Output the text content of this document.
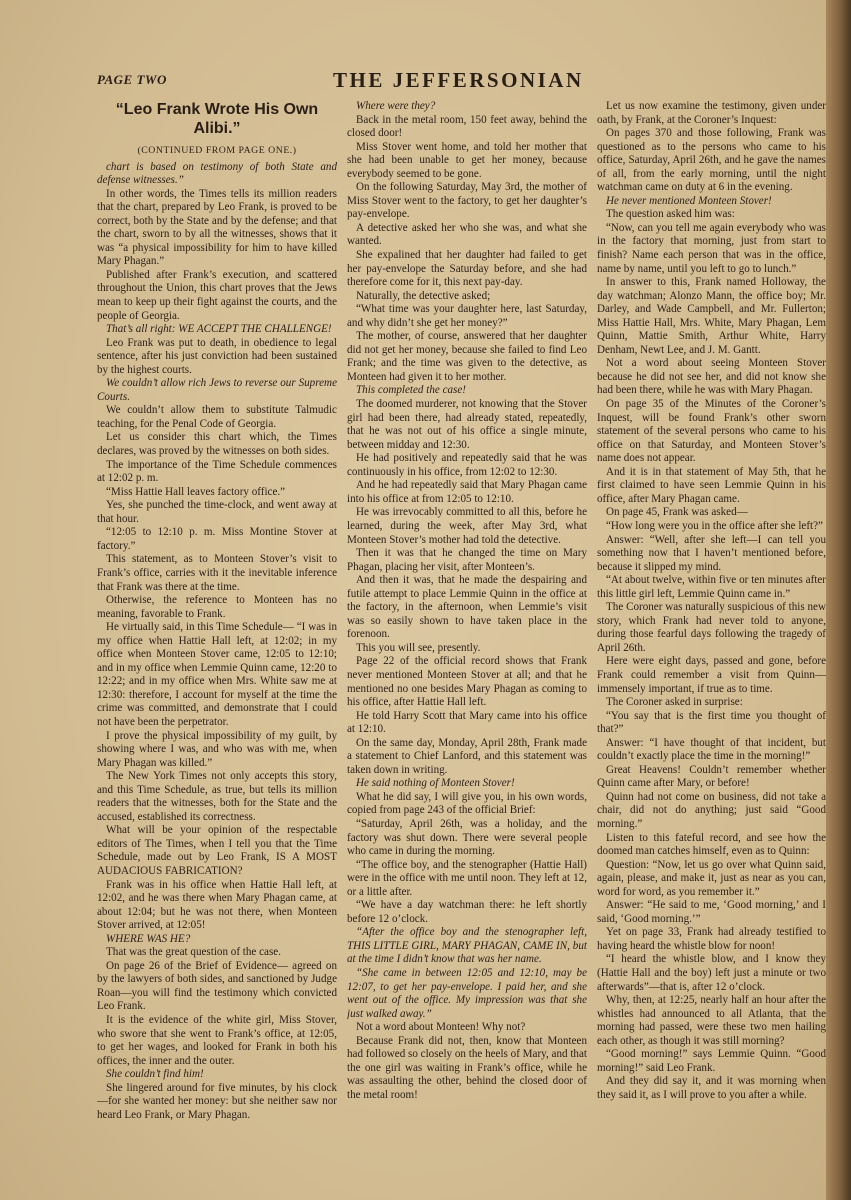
PAGE TWO	THE JEFFERSONIAN
“Leo Frank Wrote His Own Alibi.”

(CONTINUED FROM PAGE ONE.)

chart is based on testimony of both State and defense witnesses.”

In other words, the Times tells its million readers that the chart, prepared by Leo Frank, is proved to be correct, both by the State and by the defense; and that the chart, sworn to by all the witnesses, shows that it was “a physical impossibility for him to have killed Mary Phagan.”

Published after Frank’s execution, and scattered throughout the Union, this chart proves that the Jews mean to keep up their fight against the courts, and the people of Georgia.

That’s all right: WE ACCEPT THE CHALLENGE!

Leo Frank was put to death, in obedience to legal sentence, after his just conviction had been sustained by the highest courts.

We couldn’t allow rich Jews to reverse our Supreme Courts.

We couldn’t allow them to substitute Talmudic teaching, for the Penal Code of Georgia.

Let us consider this chart which, the Times declares, was proved by the witnesses on both sides.

The importance of the Time Schedule commences at 12:02 p. m.

“Miss Hattie Hall leaves factory office.”

Yes, she punched the time-clock, and went away at that hour.

“12:05 to 12:10 p. m. Miss Montine Stover at factory.”

This statement, as to Monteen Stover’s visit to Frank’s office, carries with it the inevitable inference that Frank was there at the time.

Otherwise, the reference to Monteen has no meaning, favorable to Frank.

He virtually said, in this Time Schedule— “I was in my office when Hattie Hall left, at 12:02; in my office when Monteen Stover came, 12:05 to 12:10; and in my office when Lemmie Quinn came, 12:20 to 12:22; and in my office when Mrs. White saw me at 12:30: therefore, I account for myself at the time the crime was committed, and demonstrate that I could not have been the perpetrator.

I prove the physical impossibility of my guilt, by showing where I was, and who was with me, when Mary Phagan was killed.”

The New York Times not only accepts this story, and this Time Schedule, as true, but tells its million readers that the witnesses, both for the State and the accused, established its correctness.

What will be your opinion of the respectable editors of The Times, when I tell you that the Time Schedule, made out by Leo Frank, IS A MOST AUDACIOUS FABRICATION?

Frank was in his office when Hattie Hall left, at 12:02, and he was there when Mary Phagan came, at about 12:04; but he was not there, when Monteen Stover arrived, at 12:05!

WHERE WAS HE?

That was the great question of the case.

On page 26 of the Brief of Evidence— agreed on by the lawyers of both sides, and sanctioned by Judge Roan—you will find the testimony which convicted Leo Frank.

It is the evidence of the white girl, Miss Stover, who swore that she went to Frank’s office, at 12:05, to get her wages, and looked for Frank in both his offices, the inner and the outer.

She couldn’t find him!

She lingered around for five minutes, by his clock—for she wanted her money: but she neither saw nor heard Leo Frank, or Mary Phagan.

Where were they?

Back in the metal room, 150 feet away, behind the closed door!

Miss Stover went home, and told her mother that she had been unable to get her money, because everybody seemed to be gone.

On the following Saturday, May 3rd, the mother of Miss Stover went to the factory, to get her daughter’s pay-envelope.

A detective asked her who she was, and what she wanted.

She expalined that her daughter had failed to get her pay-envelope the Saturday before, and she had therefore come for it, this next pay-day.

Naturally, the detective asked;

“What time was your daughter here, last Saturday, and why didn’t she get her money?”

The mother, of course, answered that her daughter did not get her money, because she failed to find Leo Frank; and the time was given to the detective, as Monteen had given it to her mother.

This completed the case!

The doomed murderer, not knowing that the Stover girl had been there, had already stated, repeatedly, that he was not out of his office a single minute, between midday and 12:30.

He had positively and repeatedly said that he was continuously in his office, from 12:02 to 12:30.

And he had repeatedly said that Mary Phagan came into his office at from 12:05 to 12:10.

He was irrevocably committed to all this, before he learned, during the week, after May 3rd, what Monteen Stover’s mother had told the detective.

Then it was that he changed the time on Mary Phagan, placing her visit, after Monteen’s.

And then it was, that he made the despairing and futile attempt to place Lemmie Quinn in the office at the factory, in the afternoon, when Lemmie’s visit was so easily shown to have taken place in the forenoon.

This you will see, presently.

Page 22 of the official record shows that Frank never mentioned Monteen Stover at all; and that he mentioned no one besides Mary Phagan as coming to his office, after Hattie Hall left.

He told Harry Scott that Mary came into his office at 12:10.

On the same day, Monday, April 28th, Frank made a statement to Chief Lanford, and this statement was taken down in writing.

He said nothing of Monteen Stover!

What he did say, I will give you, in his own words, copied from page 243 of the official Brief:

“Saturday, April 26th, was a holiday, and the factory was shut down. There were several people who came in during the morning.

“The office boy, and the stenographer (Hattie Hall) were in the office with me until noon. They left at 12, or a little after.

“We have a day watchman there: he left shortly before 12 o’clock.

“After the office boy and the stenographer left, THIS LITTLE GIRL, MARY PHAGAN, CAME IN, but at the time I didn’t know that was her name.

“She came in between 12:05 and 12:10, may be 12:07, to get her pay-envelope. I paid her, and she went out of the office. My impression was that she just walked away.”

Not a word about Monteen! Why not?

Because Frank did not, then, know that Monteen had followed so closely on the heels of Mary, and that the one girl was waiting in Frank’s office, while he was assaulting the other, behind the closed door of the metal room!

Let us now examine the testimony, given under oath, by Frank, at the Coroner’s Inquest:

On pages 370 and those following, Frank was questioned as to the persons who came to his office, Saturday, April 26th, and he gave the names of all, from the early morning, until the night watchman came on duty at 6 in the evening.

He never mentioned Monteen Stover!

The question asked him was:

“Now, can you tell me again everybody who was in the factory that morning, just from start to finish? Name each person that was in the office, name by name, until you left to go to lunch.”

In answer to this, Frank named Holloway, the day watchman; Alonzo Mann, the office boy; Mr. Darley, and Wade Campbell, and Mr. Fullerton; Miss Hattie Hall, Mrs. White, Mary Phagan, Lem Quinn, Mattie Smith, Arthur White, Harry Denham, Newt Lee, and J. M. Gantt.

Not a word about seeing Monteen Stover because he did not see her, and did not know she had been there, while he was with Mary Phagan.

On page 35 of the Minutes of the Coroner’s Inquest, will be found Frank’s other sworn statement of the several persons who came to his office on that Saturday, and Monteen Stover’s name does not appear.

And it is in that statement of May 5th, that he first claimed to have seen Lemmie Quinn in his office, after Mary Phagan came.

On page 45, Frank was asked—

“How long were you in the office after she left?”

Answer: “Well, after she left—I can tell you something now that I haven’t mentioned before, because it slipped my mind.

“At about twelve, within five or ten minutes after this little girl left, Lemmie Quinn came in.”

The Coroner was naturally suspicious of this new story, which Frank had never told to anyone, during those fearful days following the tragedy of April 26th.

Here were eight days, passed and gone, before Frank could remember a visit from Quinn—immensely important, if true as to time.

The Coroner asked in surprise:

“You say that is the first time you thought of that?”

Answer: “I have thought of that incident, but couldn’t exactly place the time in the morning!”

Great Heavens! Couldn’t remember whether Quinn came after Mary, or before!

Quinn had not come on business, did not take a chair, did not do anything; just said “Good morning.”

Listen to this fateful record, and see how the doomed man catches himself, even as to Quinn:

Question: “Now, let us go over what Quinn said, again, please, and make it, just as near as you can, word for word, as you remember it.”

Answer: “He said to me, ‘Good morning,’ and I said, ‘Good morning.’”

Yet on page 33, Frank had already testified to having heard the whistle blow for noon!

“I heard the whistle blow, and I know they (Hattie Hall and the boy) left just a minute or two afterwards”—that is, after 12 o’clock.

Why, then, at 12:25, nearly half an hour after the whistles had announced to all Atlanta, that the morning had passed, were these two men hailing each other, as though it was still morning?

“Good morning!” says Lemmie Quinn. “Good morning!” said Leo Frank.

And they did say it, and it was morning when they said it, as I will prove to you after a while.
